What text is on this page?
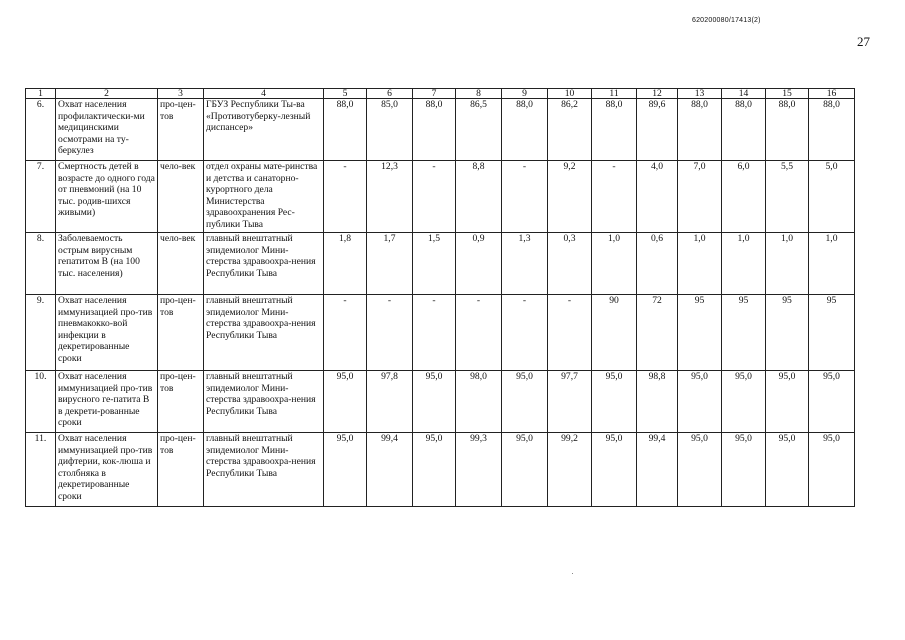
620200080/17413(2)
27
1	2	3	4	5	6	7	8	9	10	11	12	13	14	15	16
6.	Охват населения профилактически-ми медицинскими осмотрами на ту-беркулез	про-цен-тов	ГБУЗ Республики Ты-ва «Противотуберку-лезный диспансер»	88,0	85,0	88,0	86,5	88,0	86,2	88,0	89,6	88,0	88,0	88,0	88,0
7.	Смертность детей в возрасте до одного года от пневмоний (на 10 тыс. родив-шихся живыми)	чело-век	отдел охраны мате-ринства и детства и санаторно-курортного дела Министерства здравоохранения Рес-публики Тыва	-	12,3	-	8,8	-	9,2	-	4,0	7,0	6,0	5,5	5,0
8.	Заболеваемость острым вирусным гепатитом В (на 100 тыс. населения)	чело-век	главный внештатный эпидемиолог Мини-стерства здравоохра-нения Республики Тыва	1,8	1,7	1,5	0,9	1,3	0,3	1,0	0,6	1,0	1,0	1,0	1,0
9.	Охват населения иммунизацией про-тив пневмакокко-вой инфекции в декретированные сроки	про-цен-тов	главный внештатный эпидемиолог Мини-стерства здравоохра-нения Республики Тыва	-	-	-	-	-	-	90	72	95	95	95	95
10.	Охват населения иммунизацией про-тив вирусного ге-патита В в декрети-рованные сроки	про-цен-тов	главный внештатный эпидемиолог Мини-стерства здравоохра-нения Республики Тыва	95,0	97,8	95,0	98,0	95,0	97,7	95,0	98,8	95,0	95,0	95,0	95,0
11.	Охват населения иммунизацией про-тив дифтерии, кок-люша и столбняка в декретированные сроки	про-цен-тов	главный внештатный эпидемиолог Мини-стерства здравоохра-нения Республики Тыва	95,0	99,4	95,0	99,3	95,0	99,2	95,0	99,4	95,0	95,0	95,0	95,0
